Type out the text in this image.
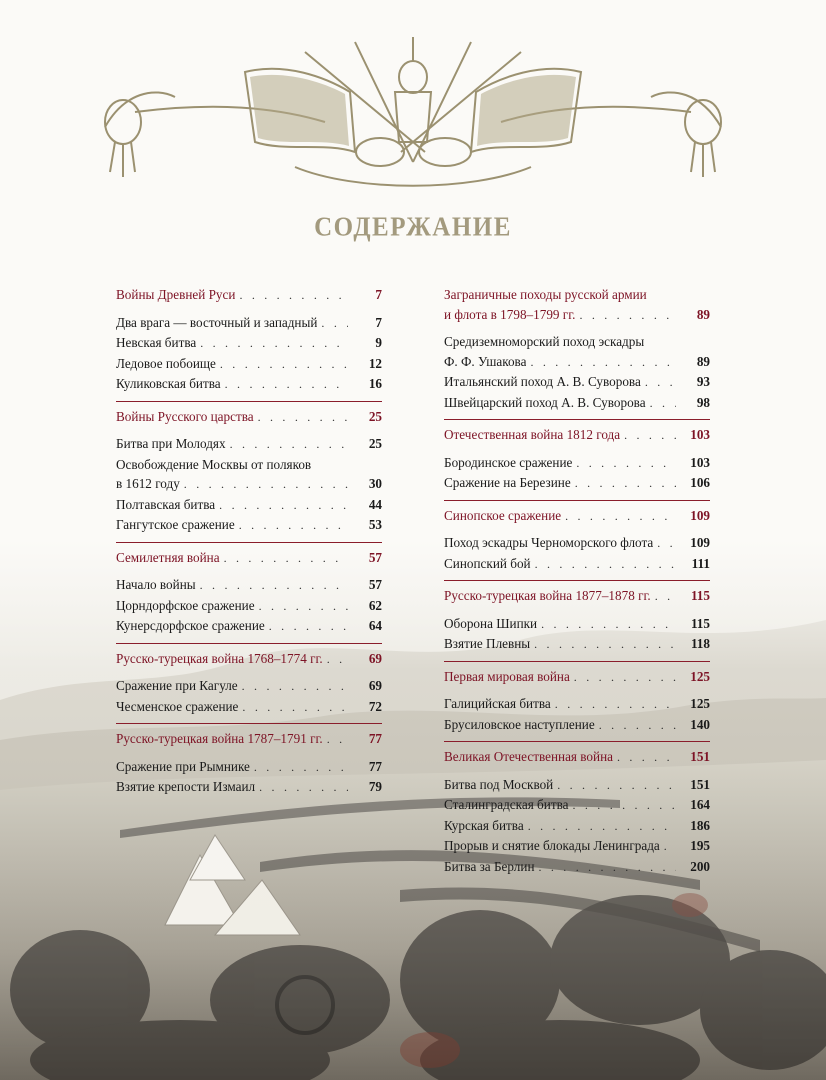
СОДЕРЖАНИЕ
Войны Древней Руси . . .	7
Два врага — восточный и западный . . .	7
Невская битва . . .	9
Ледовое побоище . . .	12
Куликовская битва . . .	16
Войны Русского царства . . .	25
Битва при Молодях . . .	25
Освобождение Москвы от поляков
в 1612 году . . .	30
Полтавская битва . . .	44
Гангутское сражение . . .	53
Семилетняя война . . .	57
Начало войны . . .	57
Цорндорфское сражение . . .	62
Кунерсдорфское сражение . . .	64
Русско-турецкая война 1768–1774 гг. . . .	69
Сражение при Кагуле . . .	69
Чесменское сражение . . .	72
Русско-турецкая война 1787–1791 гг. . . .	77
Сражение при Рымнике . . .	77
Взятие крепости Измаил . . .	79
Заграничные походы русской армии
и флота в 1798–1799 гг. . . .	89
Средиземноморский поход эскадры
Ф. Ф. Ушакова . . .	89
Итальянский поход А. В. Суворова . . .	93
Швейцарский поход А. В. Суворова . . .	98
Отечественная война 1812 года . . .	103
Бородинское сражение . . .	103
Сражение на Березине . . .	106
Синопское сражение . . .	109
Поход эскадры Черноморского флота . . .	109
Синопский бой . . .	111
Русско-турецкая война 1877–1878 гг. . . .	115
Оборона Шипки . . .	115
Взятие Плевны . . .	118
Первая мировая война . . .	125
Галицийская битва . . .	125
Брусиловское наступление . . .	140
Великая Отечественная война . . .	151
Битва под Москвой . . .	151
Сталинградская битва . . .	164
Курская битва . . .	186
Прорыв и снятие блокады Ленинграда . . .	195
Битва за Берлин . . .	200
